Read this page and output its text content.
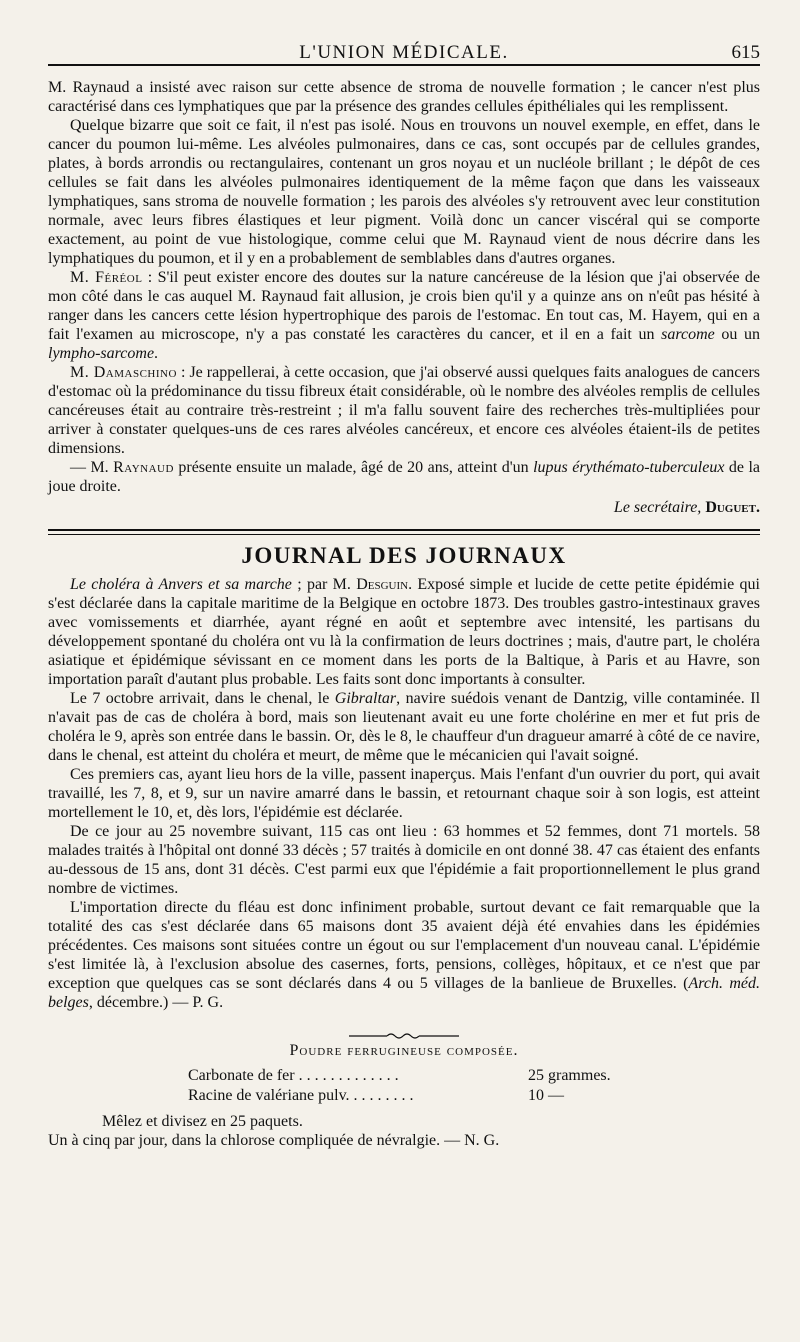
L'UNION MÉDICALE.	615

M. Raynaud a insisté avec raison sur cette absence de stroma de nouvelle formation ; le cancer n'est plus caractérisé dans ces lymphatiques que par la présence des grandes cellules épithéliales qui les remplissent.

Quelque bizarre que soit ce fait, il n'est pas isolé. Nous en trouvons un nouvel exemple, en effet, dans le cancer du poumon lui-même. Les alvéoles pulmonaires, dans ce cas, sont occupés par de cellules grandes, plates, à bords arrondis ou rectangulaires, contenant un gros noyau et un nucléole brillant ; le dépôt de ces cellules se fait dans les alvéoles pulmonaires identiquement de la même façon que dans les vaisseaux lymphatiques, sans stroma de nouvelle formation ; les parois des alvéoles s'y retrouvent avec leur constitution normale, avec leurs fibres élastiques et leur pigment. Voilà donc un cancer viscéral qui se comporte exactement, au point de vue histologique, comme celui que M. Raynaud vient de nous décrire dans les lymphatiques du poumon, et il y en a probablement de semblables dans d'autres organes.

M. Féréol : S'il peut exister encore des doutes sur la nature cancéreuse de la lésion que j'ai observée de mon côté dans le cas auquel M. Raynaud fait allusion, je crois bien qu'il y a quinze ans on n'eût pas hésité à ranger dans les cancers cette lésion hypertrophique des parois de l'estomac. En tout cas, M. Hayem, qui en a fait l'examen au microscope, n'y a pas constaté les caractères du cancer, et il en a fait un sarcome ou un lympho-sarcome.

M. Damaschino : Je rappellerai, à cette occasion, que j'ai observé aussi quelques faits analogues de cancers d'estomac où la prédominance du tissu fibreux était considérable, où le nombre des alvéoles remplis de cellules cancéreuses était au contraire très-restreint ; il m'a fallu souvent faire des recherches très-multipliées pour arriver à constater quelques-uns de ces rares alvéoles cancéreux, et encore ces alvéoles étaient-ils de petites dimensions.

— M. Raynaud présente ensuite un malade, âgé de 20 ans, atteint d'un lupus érythémato-tuberculeux de la joue droite.

Le secrétaire, Duguet.
JOURNAL DES JOURNAUX

Le choléra à Anvers et sa marche ; par M. Desguin. Exposé simple et lucide de cette petite épidémie qui s'est déclarée dans la capitale maritime de la Belgique en octobre 1873. Des troubles gastro-intestinaux graves avec vomissements et diarrhée, ayant régné en août et septembre avec intensité, les partisans du développement spontané du choléra ont vu là la confirmation de leurs doctrines ; mais, d'autre part, le choléra asiatique et épidémique sévissant en ce moment dans les ports de la Baltique, à Paris et au Havre, son importation paraît d'autant plus probable. Les faits sont donc importants à consulter.

Le 7 octobre arrivait, dans le chenal, le Gibraltar, navire suédois venant de Dantzig, ville contaminée. Il n'avait pas de cas de choléra à bord, mais son lieutenant avait eu une forte cholérine en mer et fut pris de choléra le 9, après son entrée dans le bassin. Or, dès le 8, le chauffeur d'un dragueur amarré à côté de ce navire, dans le chenal, est atteint du choléra et meurt, de même que le mécanicien qui l'avait soigné.

Ces premiers cas, ayant lieu hors de la ville, passent inaperçus. Mais l'enfant d'un ouvrier du port, qui avait travaillé, les 7, 8, et 9, sur un navire amarré dans le bassin, et retournant chaque soir à son logis, est atteint mortellement le 10, et, dès lors, l'épidémie est déclarée.

De ce jour au 25 novembre suivant, 115 cas ont lieu : 63 hommes et 52 femmes, dont 71 mortels. 58 malades traités à l'hôpital ont donné 33 décès ; 57 traités à domicile en ont donné 38. 47 cas étaient des enfants au-dessous de 15 ans, dont 31 décès. C'est parmi eux que l'épidémie a fait proportionnellement le plus grand nombre de victimes.

L'importation directe du fléau est donc infiniment probable, surtout devant ce fait remarquable que la totalité des cas s'est déclarée dans 65 maisons dont 35 avaient déjà été envahies dans les épidémies précédentes. Ces maisons sont situées contre un égout ou sur l'emplacement d'un nouveau canal. L'épidémie s'est limitée là, à l'exclusion absolue des casernes, forts, pensions, collèges, hôpitaux, et ce n'est que par exception que quelques cas se sont déclarés dans 4 ou 5 villages de la banlieue de Bruxelles. (Arch. méd. belges, décembre.) — P. G.

Poudre ferrugineuse composée.
Carbonate de fer . . . . . . . . . . . . .	25 grammes.
Racine de valériane pulv. . . . . . . . .	10 —
Mêlez et divisez en 25 paquets.
Un à cinq par jour, dans la chlorose compliquée de névralgie. — N. G.
